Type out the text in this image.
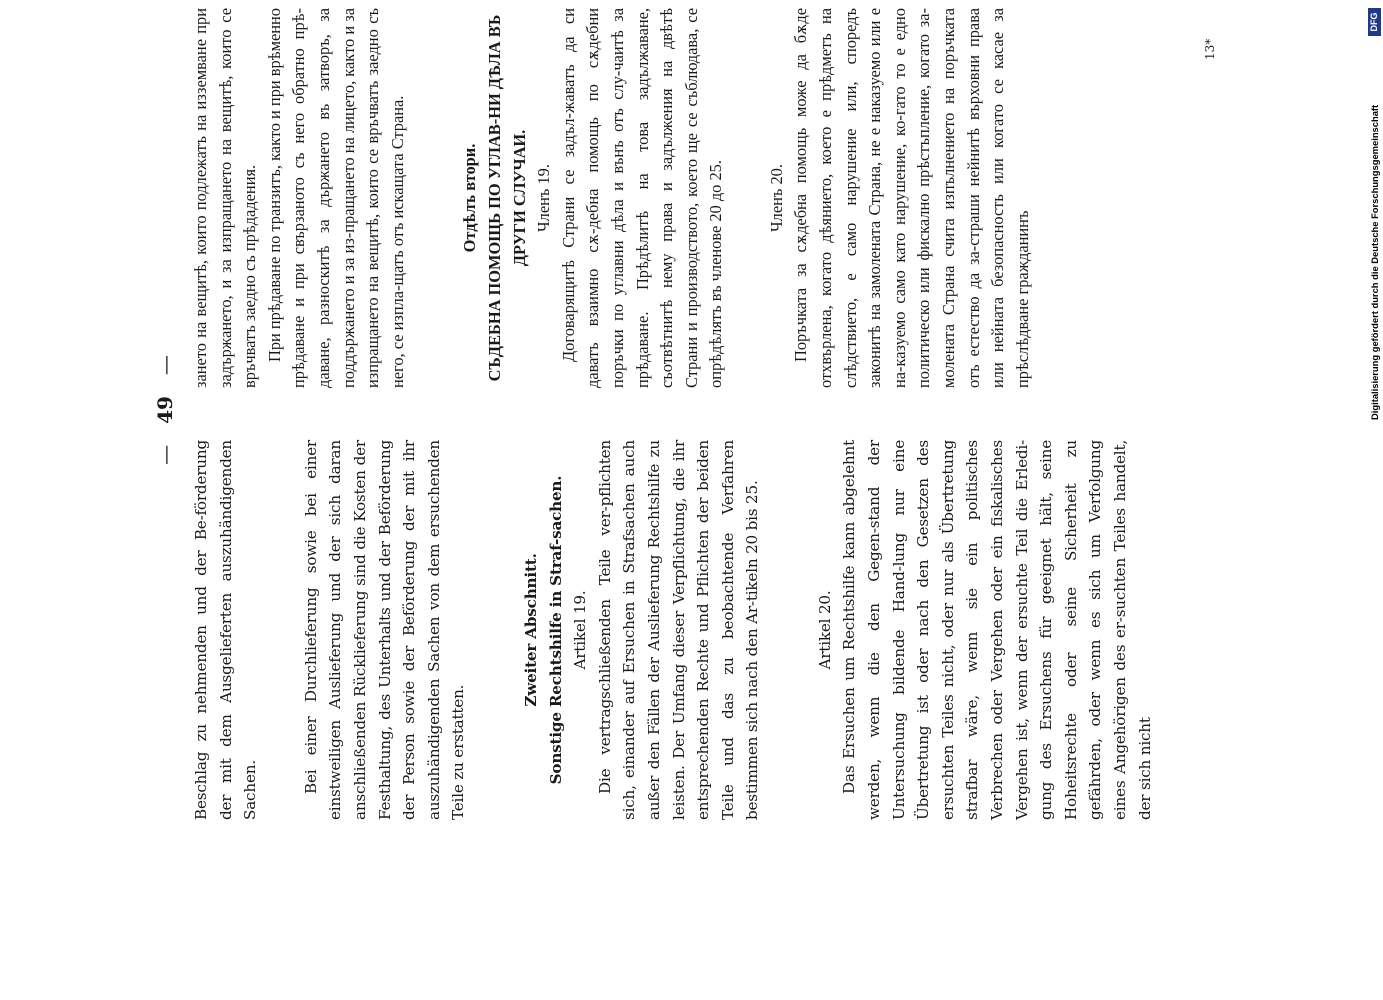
— 49 —

Beschlag zu nehmenden und der Be-förderung der mit dem Ausgelieferten auszuhändigenden Sachen.	Bei einer Durchlieferung sowie bei einer einstweiligen Auslieferung und der sich daran anschließenden Rücklieferung sind die Kosten der Festhaltung, des Unterhalts und der Beförderung der Person sowie der Beförderung der mit ihr auszuhändigenden Sachen von dem ersuchenden Teile zu erstatten.

Zweiter Abschnitt. Sonstige Rechtshilfe in Straf-sachen. Artikel 19. Die vertragschließenden Teile ver-pflichten sich, einander auf Ersuchen in Strafsachen auch außer den Fällen der Auslieferung Rechtshilfe zu leisten. Der Umfang dieser Verpflichtung, die ihr entsprechenden Rechte und Pflichten der beiden Teile und das zu beobachtende Verfahren bestimmen sich nach den Ar-tikeln 20 bis 25.	Artikel 20. Das Ersuchen um Rechtshilfe kann abgelehnt werden, wenn die den Gegen-stand der Untersuchung bildende Hand-lung nur eine Übertretung ist oder nach den Gesetzen des ersuchten Teiles nicht, oder nur als Übertretung strafbar wäre, wenn sie ein politisches Verbrechen oder Vergehen oder ein fiskalisches Vergehen ist, wenn der ersuchte Teil die Erledi-gung des Ersuchens für geeignet hält, seine Hoheitsrechte oder seine Sicherheit zu gefährden, oder wenn es sich um Verfolgung eines Angehörigen des er-suchten Teiles handelt, der sich nicht

зането на вещитѣ, които подлежатъ на изземване при задържането, и за изпращането на вещитѣ, които се връчватъ заедно съ прѣдадения. При прѣдаване по транзитъ, както и при врѣменно прѣдаване и при свързаното съ него обратно прѣ-даване, разноскитѣ за държането въ затворъ, за поддържането и за из-пращането на лицето, както и за изпращането на вещитѣ, които се връчватъ заедно съ него, се изпла-щатъ отъ искащата Страна.	Отдѣлъ втори. СЪДЕБНА ПОМОЩЬ ПО УГЛАВ-НИ ДѢЛА ВЪ ДРУГИ СЛУЧАИ. Членъ 19. Договарящитѣ Страни се задъл-жаватъ да си даватъ взаимно сѫ-дебна помощь по сѫдебни поръчки по углавни дѣла и вънъ отъ слу-чаитѣ за прѣдаване. Прѣдѣлитѣ на това задължаване, съотвѣтнитѣ нему права и задължения на двѣтѣ Страни и производството, което ще се съблюдава, се опрѣдѣлятъ въ членове 20 до 25.	Членъ 20. Поръчката за сѫдебна помощь може да бѫде отхвърлена, когато дѣянието, което е прѣдметъ на слѣдствието, е само нарушение или, споредъ законитѣ на замолената Страна, не е наказуемо или е на-казуемо само като нарушение, ко-гато то е едно политическо или фискално прѣстъпление, когато за-молената Страна счита изпълнението на поръчката отъ естество да за-страши нейнитѣ върховни права или нейната безопасность или когато се касае за прѣслѣдване гражданинъ

13*
DFG
Digitalisierung gefördert durch die Deutsche Forschungsgemeinschaft
